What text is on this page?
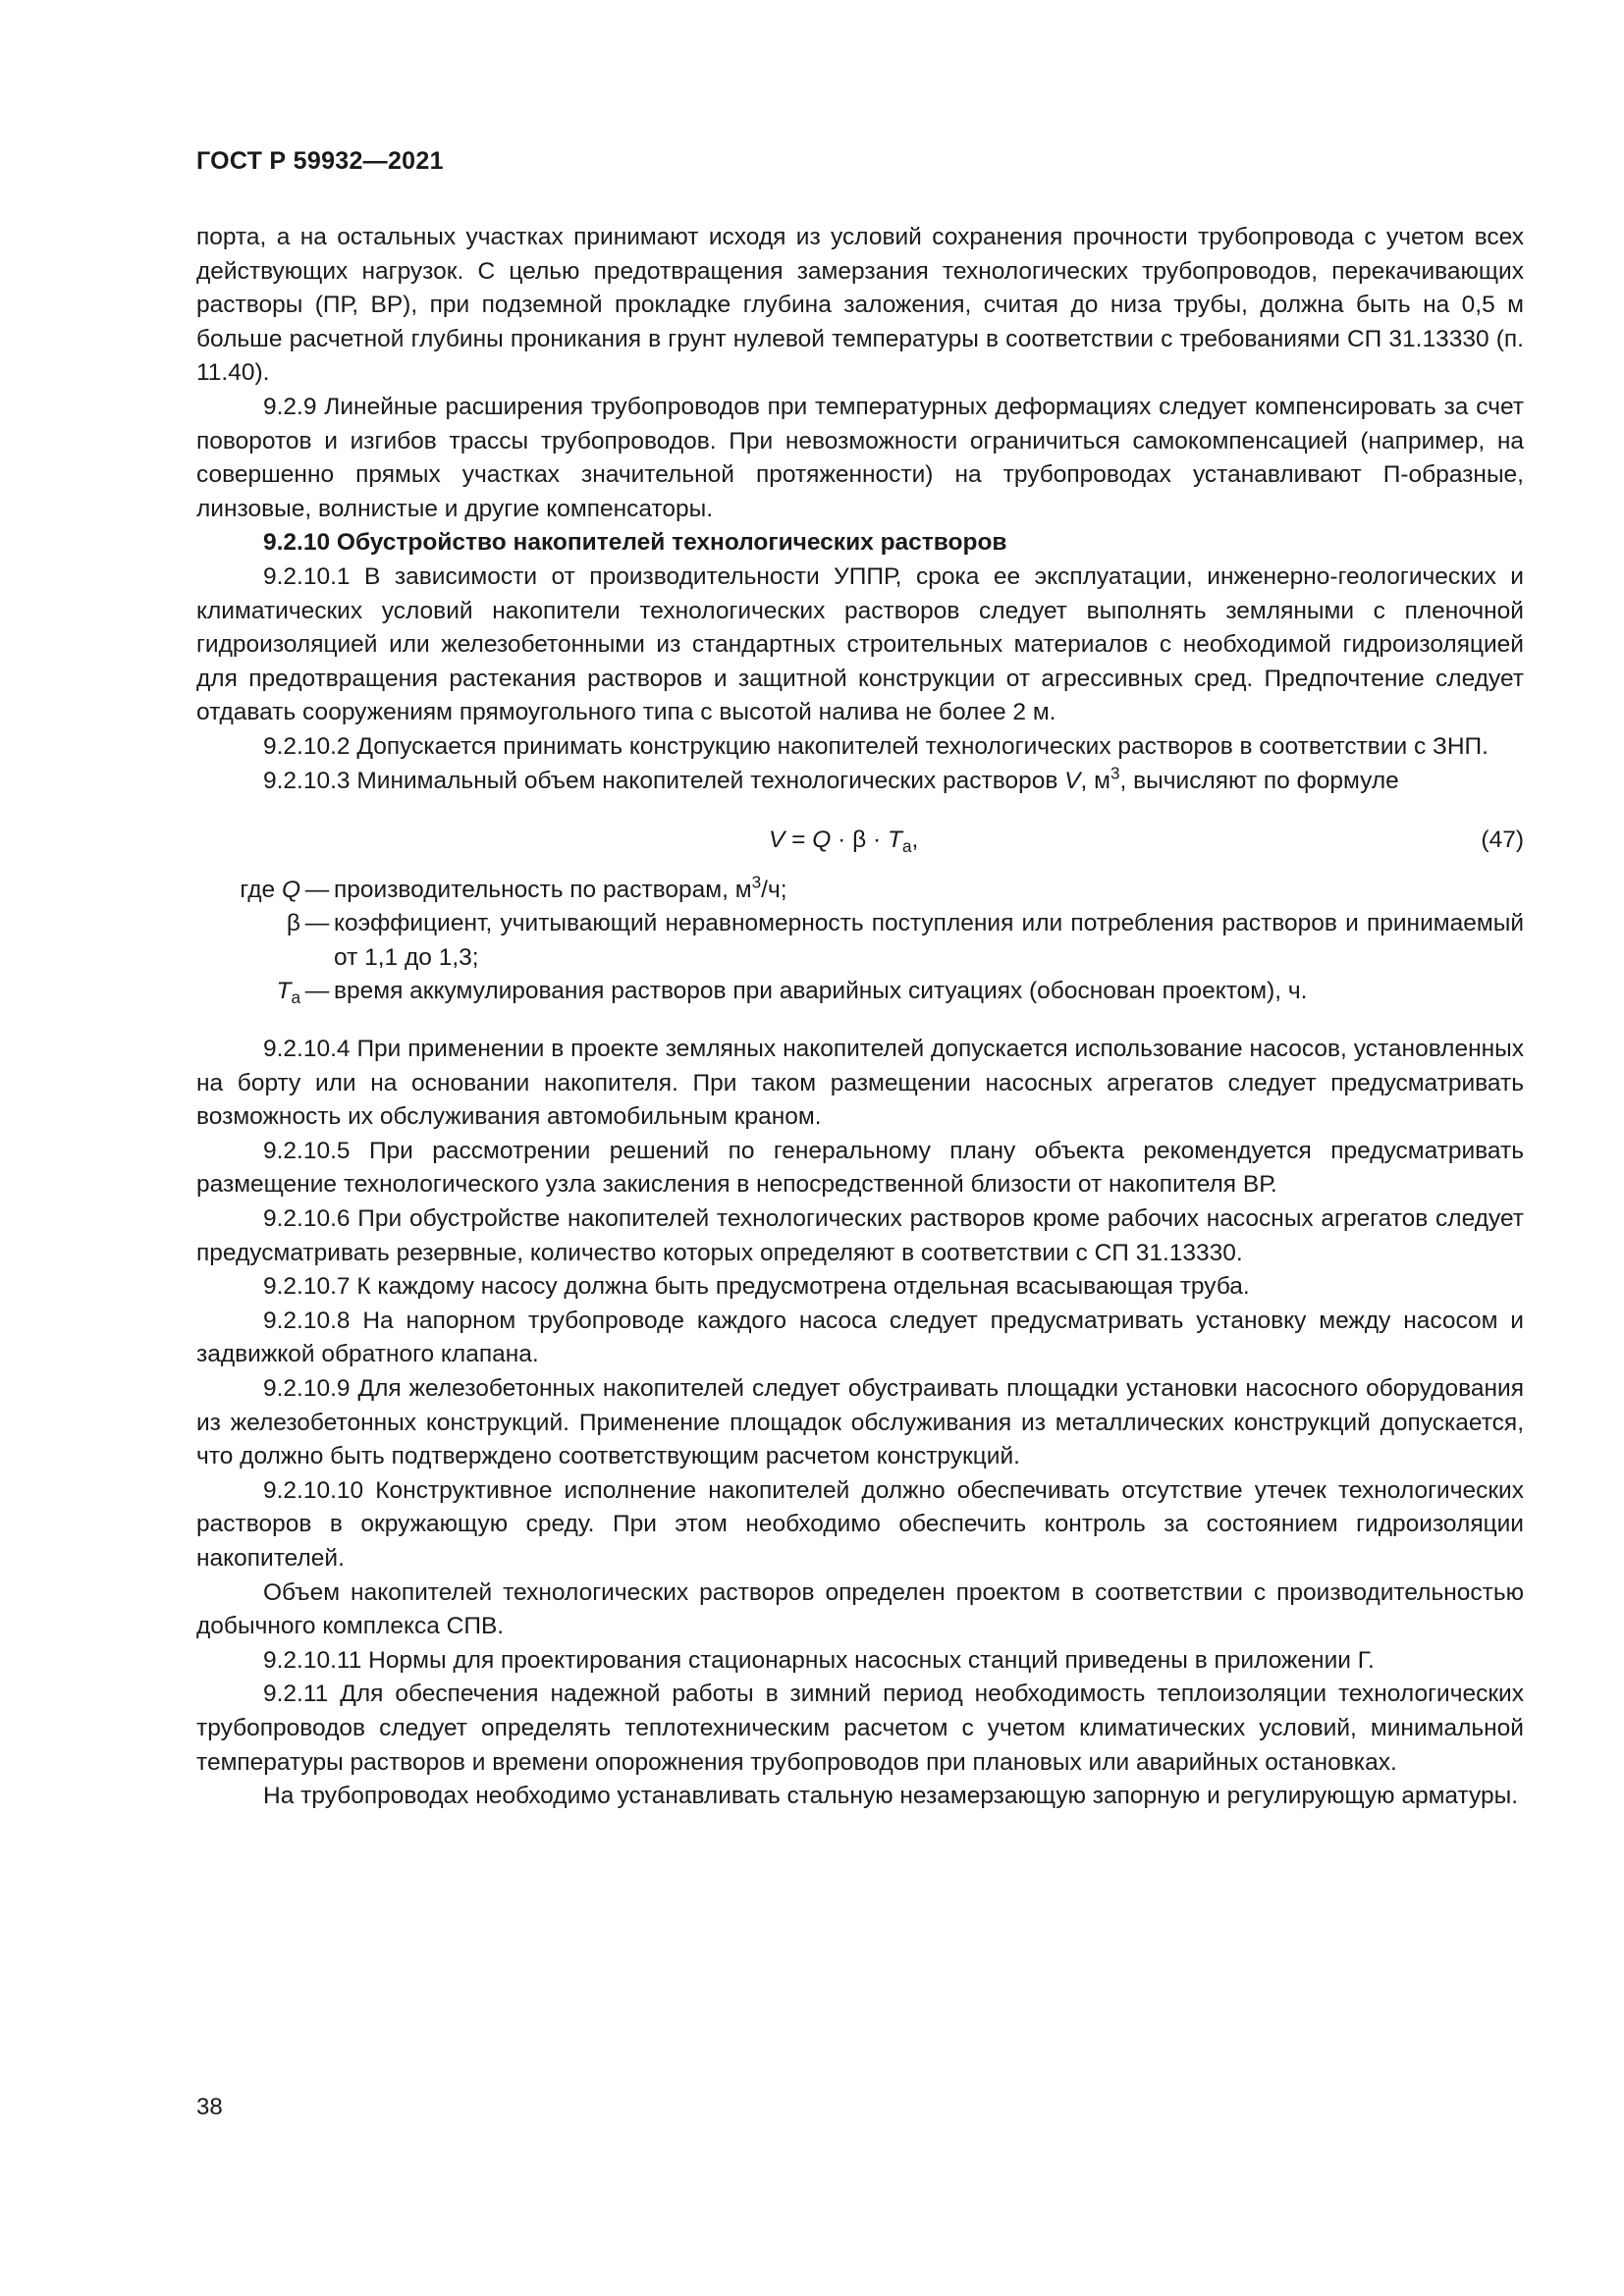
ГОСТ Р 59932—2021

порта, а на остальных участках принимают исходя из условий сохранения прочности трубопровода с учетом всех действующих нагрузок. С целью предотвращения замерзания технологических трубопроводов, перекачивающих растворы (ПР, ВР), при подземной прокладке глубина заложения, считая до низа трубы, должна быть на 0,5 м больше расчетной глубины проникания в грунт нулевой температуры в соответствии с требованиями СП 31.13330 (п. 11.40).

9.2.9 Линейные расширения трубопроводов при температурных деформациях следует компенсировать за счет поворотов и изгибов трассы трубопроводов. При невозможности ограничиться самокомпенсацией (например, на совершенно прямых участках значительной протяженности) на трубопроводах устанавливают П-образные, линзовые, волнистые и другие компенсаторы.

9.2.10 Обустройство накопителей технологических растворов

9.2.10.1 В зависимости от производительности УППР, срока ее эксплуатации, инженерно-геологических и климатических условий накопители технологических растворов следует выполнять земляными с пленочной гидроизоляцией или железобетонными из стандартных строительных материалов с необходимой гидроизоляцией для предотвращения растекания растворов и защитной конструкции от агрессивных сред. Предпочтение следует отдавать сооружениям прямоугольного типа с высотой налива не более 2 м.

9.2.10.2 Допускается принимать конструкцию накопителей технологических растворов в соответствии с ЗНП.

9.2.10.3 Минимальный объем накопителей технологических растворов V, $м^3$, вычисляют по формуле

$V = Q \cdot \beta \cdot T_а$,	(47)
где Q — производительность по растворам, $м^3/ч$;
β — коэффициент, учитывающий неравномерность поступления или потребления растворов и принимаемый от 1,1 до 1,3;
$T_а$ — время аккумулирования растворов при аварийных ситуациях (обоснован проектом), ч.

9.2.10.4 При применении в проекте земляных накопителей допускается использование насосов, установленных на борту или на основании накопителя. При таком размещении насосных агрегатов следует предусматривать возможность их обслуживания автомобильным краном.

9.2.10.5 При рассмотрении решений по генеральному плану объекта рекомендуется предусматривать размещение технологического узла закисления в непосредственной близости от накопителя ВР.

9.2.10.6 При обустройстве накопителей технологических растворов кроме рабочих насосных агрегатов следует предусматривать резервные, количество которых определяют в соответствии с СП 31.13330.

9.2.10.7 К каждому насосу должна быть предусмотрена отдельная всасывающая труба.

9.2.10.8 На напорном трубопроводе каждого насоса следует предусматривать установку между насосом и задвижкой обратного клапана.

9.2.10.9 Для железобетонных накопителей следует обустраивать площадки установки насосного оборудования из железобетонных конструкций. Применение площадок обслуживания из металлических конструкций допускается, что должно быть подтверждено соответствующим расчетом конструкций.

9.2.10.10 Конструктивное исполнение накопителей должно обеспечивать отсутствие утечек технологических растворов в окружающую среду. При этом необходимо обеспечить контроль за состоянием гидроизоляции накопителей.

Объем накопителей технологических растворов определен проектом в соответствии с производительностью добычного комплекса СПВ.

9.2.10.11 Нормы для проектирования стационарных насосных станций приведены в приложении Г.

9.2.11 Для обеспечения надежной работы в зимний период необходимость теплоизоляции технологических трубопроводов следует определять теплотехническим расчетом с учетом климатических условий, минимальной температуры растворов и времени опорожнения трубопроводов при плановых или аварийных остановках.

На трубопроводах необходимо устанавливать стальную незамерзающую запорную и регулирующую арматуры.

38
